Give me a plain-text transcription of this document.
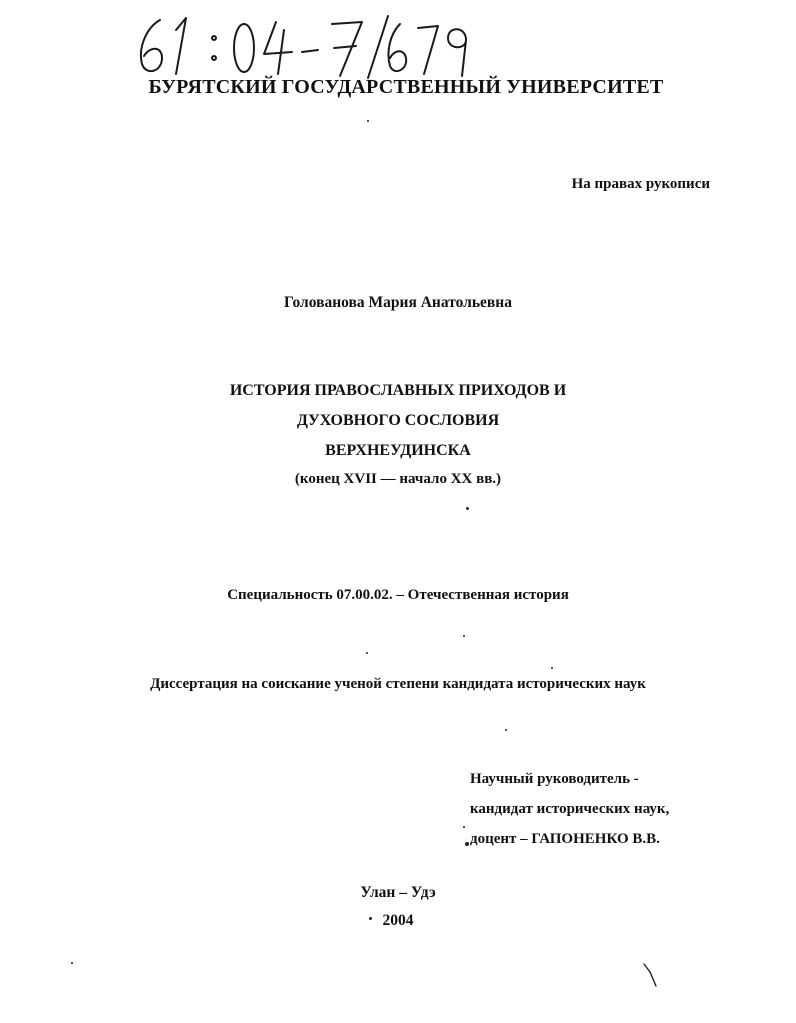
БУРЯТСКИЙ ГОСУДАРСТВЕННЫЙ УНИВЕРСИТЕТ
На правах рукописи
Голованова Мария Анатольевна
ИСТОРИЯ ПРАВОСЛАВНЫХ ПРИХОДОВ И
ДУХОВНОГО СОСЛОВИЯ
ВЕРХНЕУДИНСКА
(конец XVII — начало XX вв.)
Специальность 07.00.02. – Отечественная история
Диссертация на соискание ученой степени кандидата исторических наук
Научный руководитель -
кандидат исторических наук,
доцент – ГАПОНЕНКО В.В.
Улан – Удэ
2004
